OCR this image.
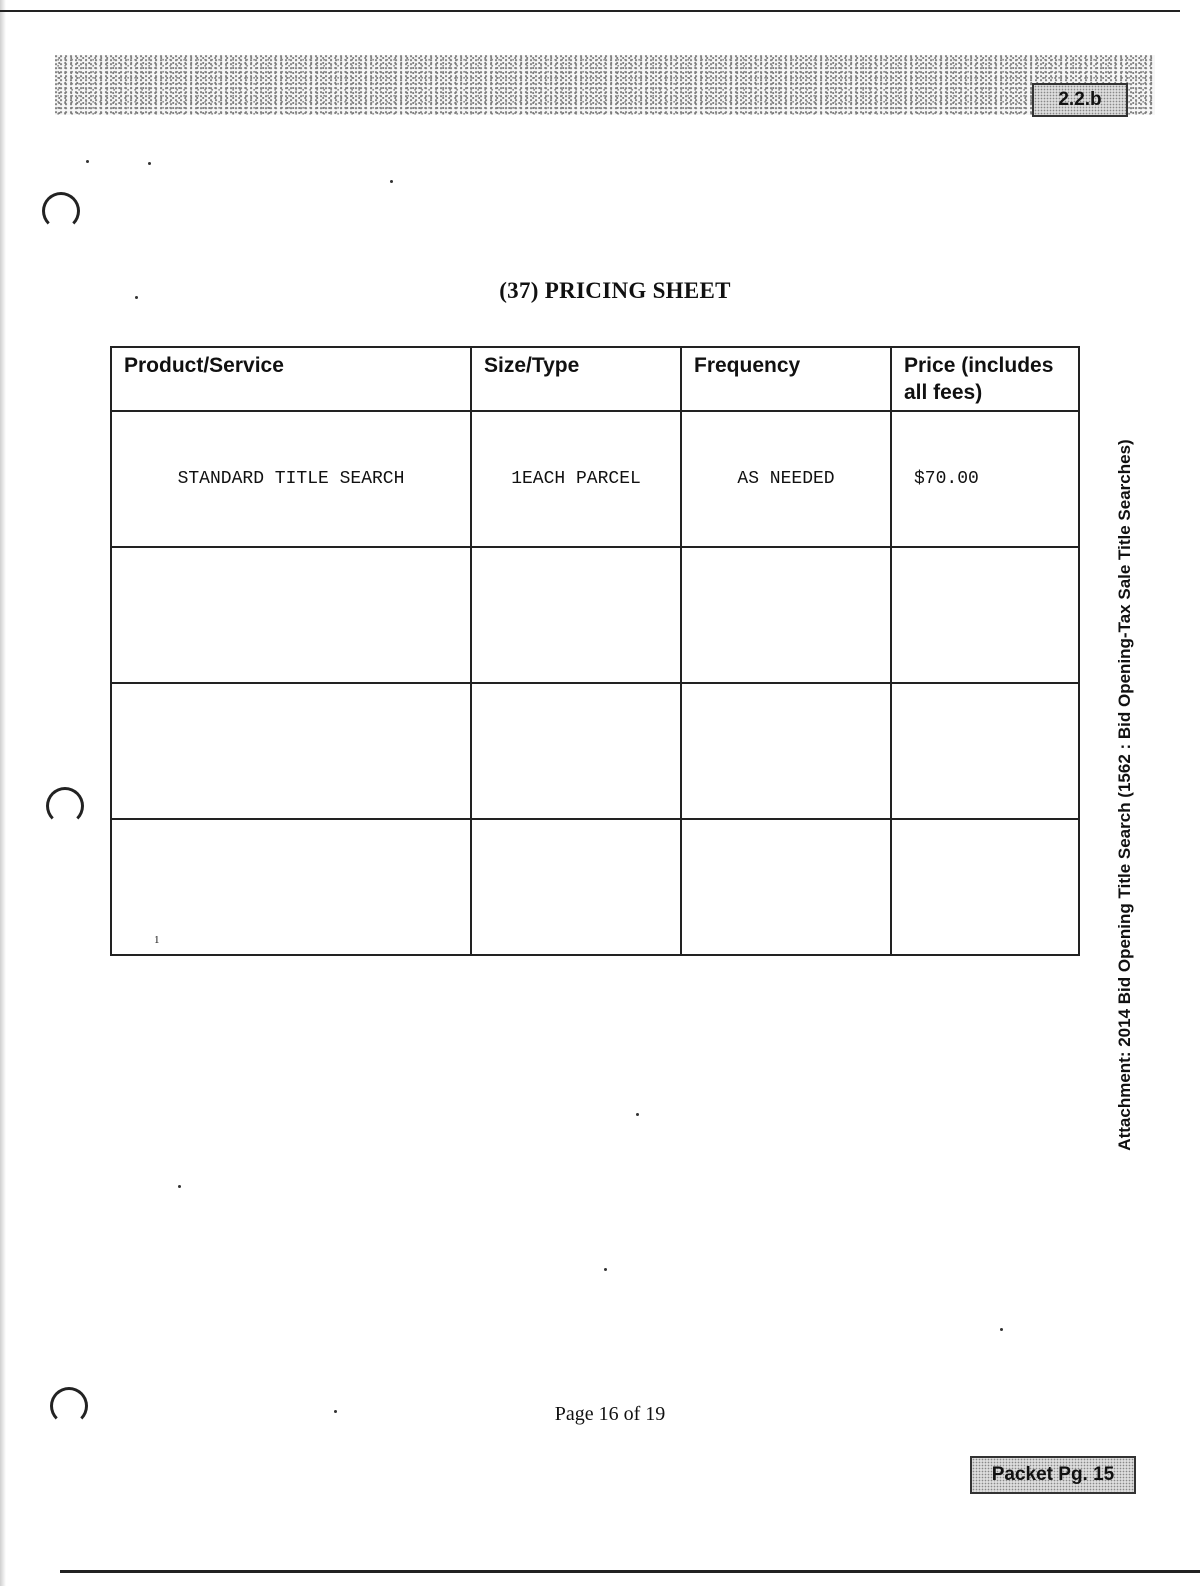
2.2.b
(37) PRICING SHEET
Product/Service	Size/Type	Frequency	Price (includes all fees)
STANDARD TITLE SEARCH	1EACH PARCEL	AS NEEDED	$70.00

1			

Page 16 of 19
Packet Pg. 15
Attachment: 2014 Bid Opening Title Search (1562 : Bid Opening-Tax Sale Title Searches)
